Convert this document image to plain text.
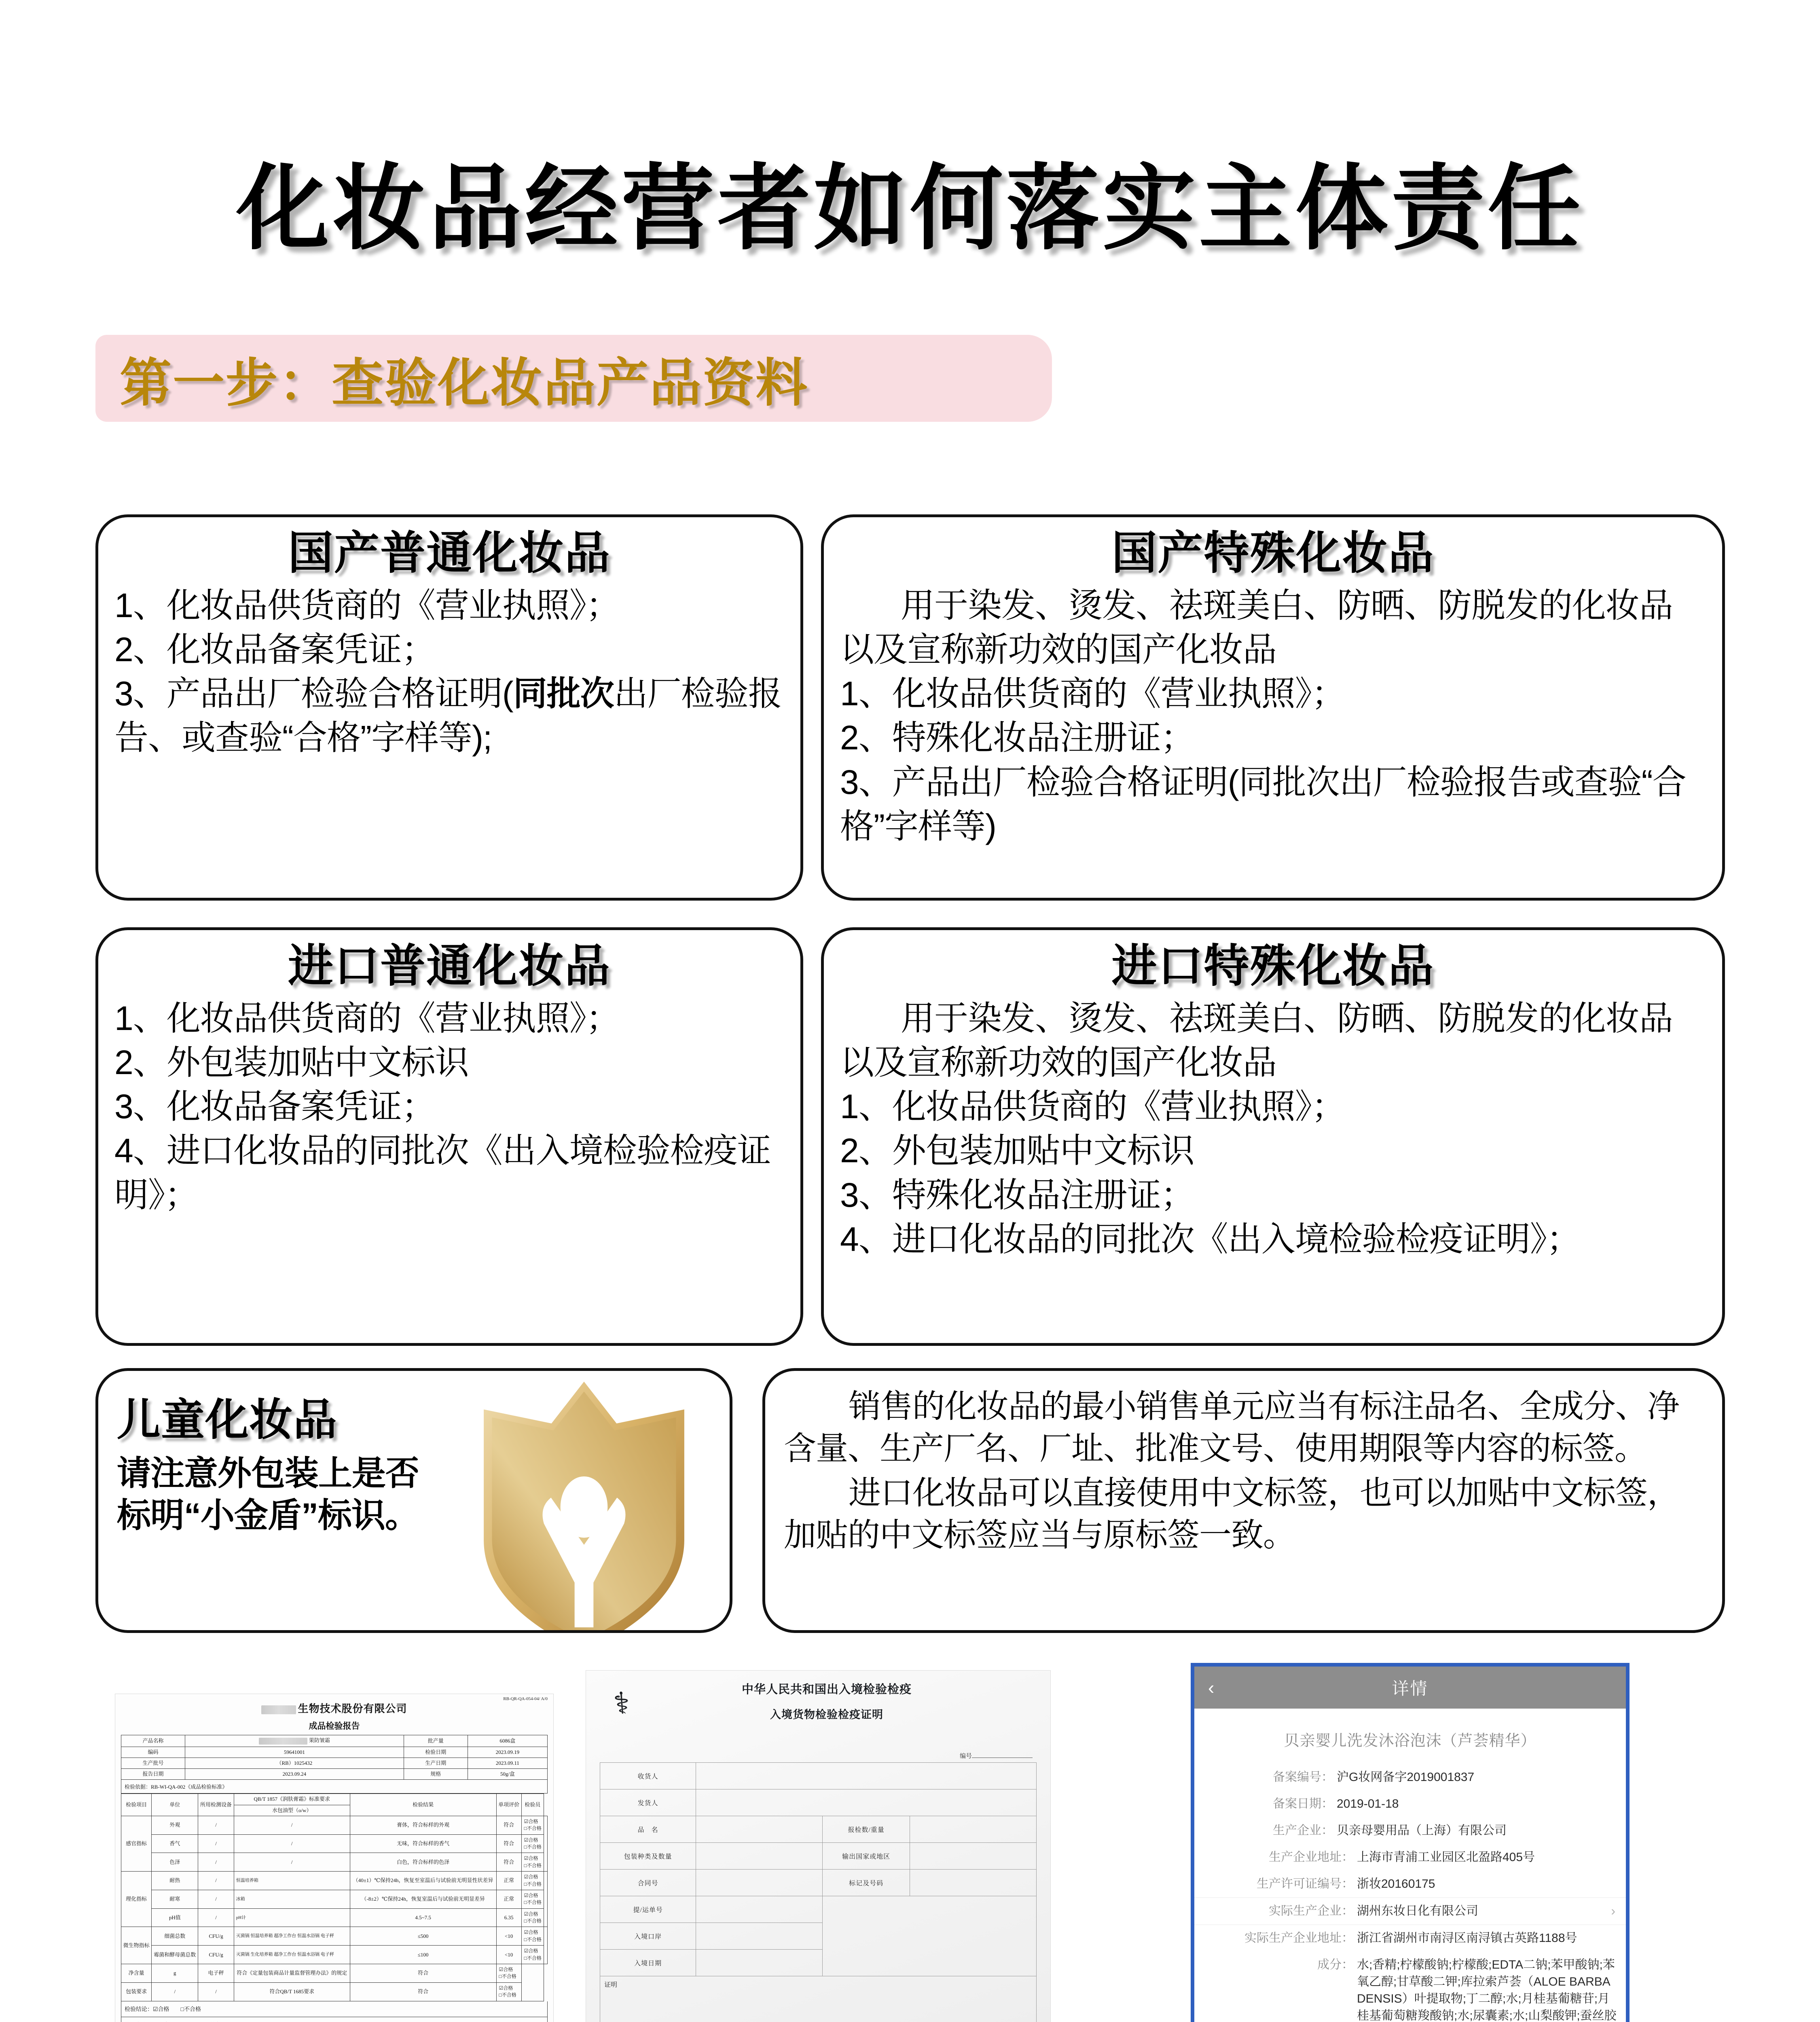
化妆品经营者如何落实主体责任
第一步：查验化妆品产品资料
国产普通化妆品
1、化妆品供货商的《营业执照》；
2、化妆品备案凭证；
3、产品出厂检验合格证明(同批次出厂检验报告、或查验“合格”字样等);
国产特殊化妆品
用于染发、烫发、祛斑美白、防晒、防脱发的化妆品以及宣称新功效的国产化妆品
1、化妆品供货商的《营业执照》；
2、特殊化妆品注册证；
3、产品出厂检验合格证明(同批次出厂检验报告或查验“合格”字样等)
进口普通化妆品
1、化妆品供货商的《营业执照》；
2、外包装加贴中文标识
3、化妆品备案凭证；
4、进口化妆品的同批次《出入境检验检疫证明》；
进口特殊化妆品
用于染发、烫发、祛斑美白、防晒、防脱发的化妆品以及宣称新功效的国产化妆品
1、化妆品供货商的《营业执照》；
2、外包装加贴中文标识
3、特殊化妆品注册证；
4、进口化妆品的同批次《出入境检验检疫证明》；
儿童化妆品
请注意外包装上是否标明“小金盾”标识。
销售的化妆品的最小销售单元应当有标注品名、全成分、净含量、生产厂名、厂址、批准文号、使用期限等内容的标签。
进口化妆品可以直接使用中文标签，也可以加贴中文标签，加贴的中文标签应当与原标签一致。
RB-QR-QA-054-04/ A/0
生物技术股份有限公司
成品检验报告
产品名称	果防皱霜	批产量	6086盒
编码	59641001	检验日期	2023.09.19
生产批号	（RB）1025432	生产日期	2023.09.11
报告日期	2023.09.24	规格	50g/盒
检验依据：RB-WI-QA-002《成品检验标准》
检验项目	单位	所用检测设备	QB/T 1857《润肤膏霜》标准要求	检验结果	单项评价	检验员	
			水包油型（o/w）				
感官指标	外观	/	/	膏体，符合标样的外观	符合	☑合格
□不合格	
	香气	/	/	无味，符合标样的香气	符合	☑合格
□不合格	
	色泽	/	/	白色，符合标样的色泽	符合	☑合格
□不合格	
理化指标	耐热	/	恒温培养箱	（40±1）℃保持24h，恢复至室温后与试验前无明显性状差异	正常	☑合格
□不合格	
	耐寒	/	冰箱	（-8±2）℃保持24h，恢复室温后与试验前无明显差异	正常	☑合格
□不合格	
	pH值	/	pH计	4.5~7.5	6.35	☑合格
□不合格	
微生物指标	细菌总数	CFU/g	灭菌锅 恒温培养箱 超净工作台 恒温水浴锅 电子秤	≤500	<10	☑合格
□不合格	
	霉菌和酵母菌总数	CFU/g	灭菌锅 生化培养箱 超净工作台 恒温水浴锅 电子秤	≤100	<10	☑合格
□不合格	
净含量	g	电子秤	符合《定量包装商品计量监督管理办法》的规定	符合	☑合格
□不合格		
包装要求	/	/	符合QB/T 1685要求	符合	☑合格
□不合格		
检验结论：☑合格　　□不合格
⚕	中华人民共和国出入境检验检疫
入境货物检验检疫证明
编号
收货人			
发货人			
品　名		报检数/重量	
包装种类及数量		输出国家或地区	
合同号		标记及号码	
提/运单号			
入境口岸			
入境日期			
证明
‹	详情
贝亲婴儿洗发沐浴泡沫（芦荟精华）
备案编号： 沪G妆网备字2019001837
备案日期： 2019-01-18
生产企业： 贝亲母婴用品（上海）有限公司
生产企业地址： 上海市青浦工业园区北盈路405号
生产许可证编号： 浙妆20160175
实际生产企业： 湖州东妆日化有限公司	›
实际生产企业地址： 浙江省湖州市南浔区南浔镇古英路1188号
成分： 水;香精;柠檬酸钠;柠檬酸;EDTA二钠;苯甲酸钠;苯氧乙醇;甘草酸二钾;库拉索芦荟（ALOE BARBADENSIS）叶提取物;丁二醇;水;月桂基葡糖苷;月桂基葡萄糖羧酸钠;水;尿囊素;水;山梨酸钾;蚕丝胶
